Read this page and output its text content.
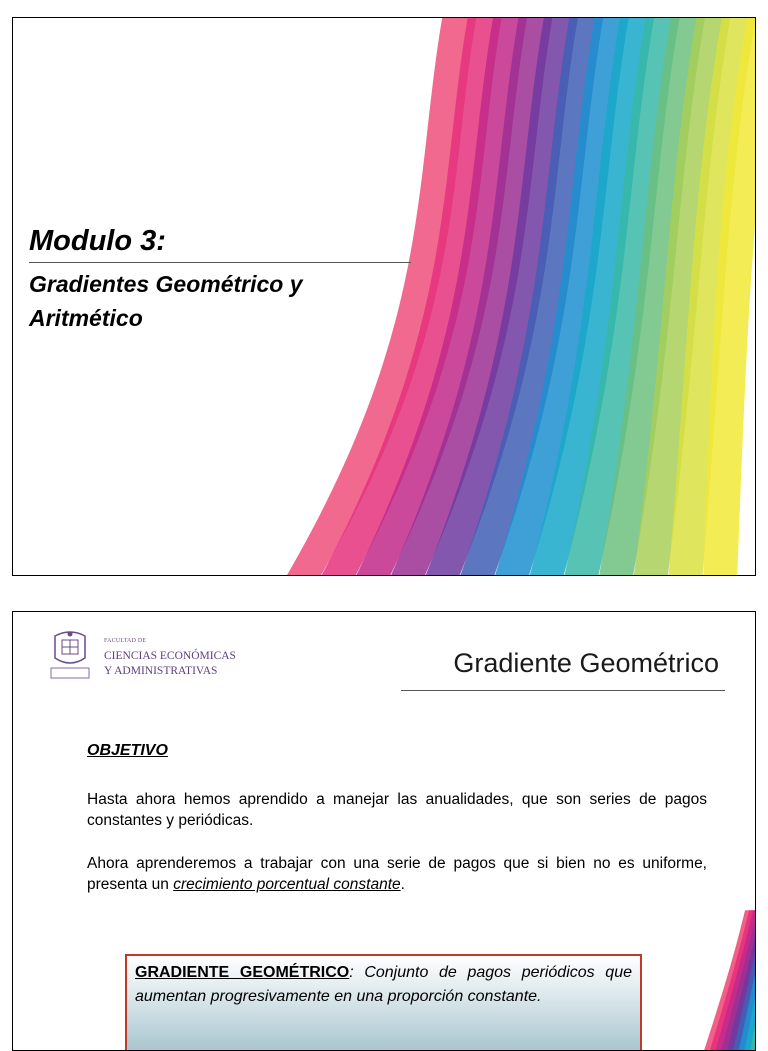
Modulo 3:
Gradientes Geométrico y Aritmético
FACULTAD DE
CIENCIAS ECONÓMICAS
Y ADMINISTRATIVAS	Gradiente Geométrico
OBJETIVO
Hasta ahora hemos aprendido a manejar las anualidades, que son series de pagos constantes y periódicas.
Ahora aprenderemos a trabajar con una serie de pagos que si bien no es uniforme, presenta un crecimiento porcentual constante.
GRADIENTE GEOMÉTRICO: Conjunto de pagos periódicos que aumentan progresivamente en una proporción constante.
